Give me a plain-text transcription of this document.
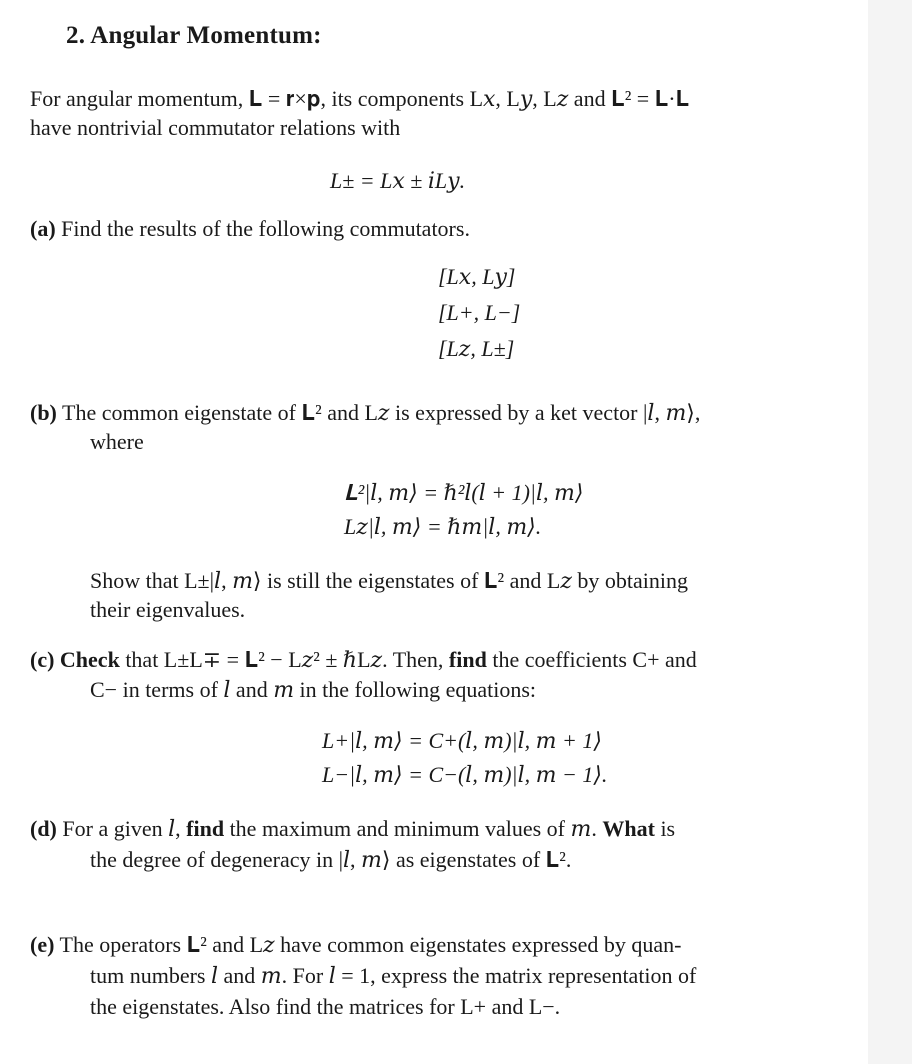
2. Angular Momentum:
For angular momentum, 𝐋 = 𝐫×𝐩, its components L𝑥, L𝑦, L𝑧 and 𝐋² = 𝐋·𝐋
have nontrivial commutator relations with
L± = L𝑥 ± 𝑖L𝑦.
(a) Find the results of the following commutators.
[L𝑥, L𝑦]
[L+, L−]
[L𝑧, L±]
(b) The common eigenstate of 𝐋² and L𝑧 is expressed by a ket vector |𝑙, 𝑚⟩,
where
𝐋²|𝑙, 𝑚⟩ = ℏ²𝑙(𝑙 + 1)|𝑙, 𝑚⟩
L𝑧|𝑙, 𝑚⟩ = ℏ𝑚|𝑙, 𝑚⟩.
Show that L±|𝑙, 𝑚⟩ is still the eigenstates of 𝐋² and L𝑧 by obtaining
their eigenvalues.
(c) Check that L±L∓ = 𝐋² − L𝑧² ± ℏL𝑧. Then, find the coefficients C+ and
C− in terms of 𝑙 and 𝑚 in the following equations:
L+|𝑙, 𝑚⟩ = C+(𝑙, 𝑚)|𝑙, 𝑚 + 1⟩
L−|𝑙, 𝑚⟩ = C−(𝑙, 𝑚)|𝑙, 𝑚 − 1⟩.
(d) For a given 𝑙, find the maximum and minimum values of 𝑚. What is
the degree of degeneracy in |𝑙, 𝑚⟩ as eigenstates of 𝐋².
(e) The operators 𝐋² and L𝑧 have common eigenstates expressed by quan-
tum numbers 𝑙 and 𝑚. For 𝑙 = 1, express the matrix representation of
the eigenstates. Also find the matrices for L+ and L−.
